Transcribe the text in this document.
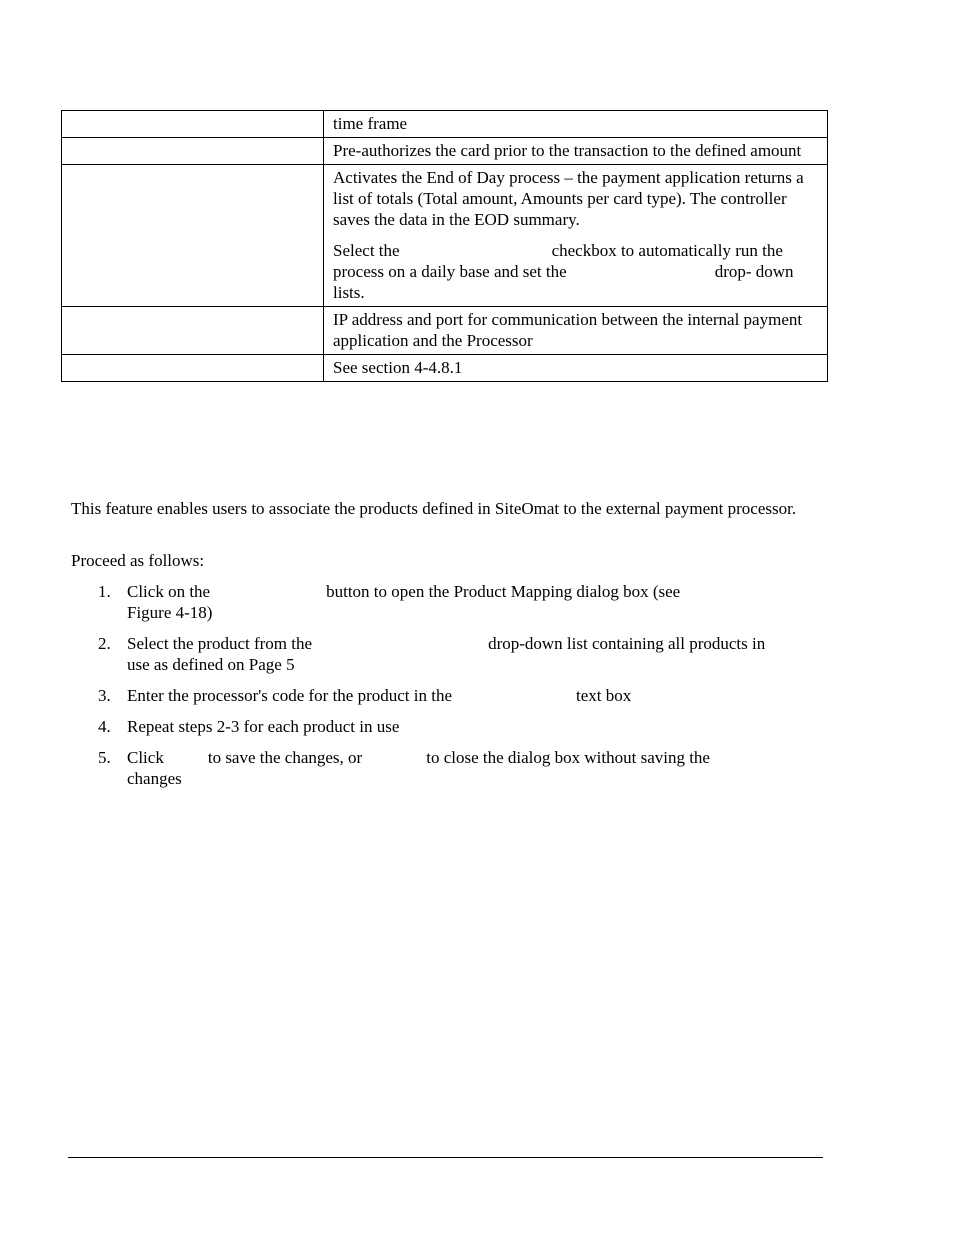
	time frame

	Pre-authorizes the card prior to the transaction to the defined amount

	Activates the End of Day process – the payment application returns a list of totals (Total amount, Amounts per card type). The controller saves the data in the EOD summary.

Select the checkbox to automatically run the process on a daily base and set the drop- down lists.

	IP address and port for communication between the internal payment application and the Processor

	See section 4-4.8.1

This feature enables users to associate the products defined in SiteOmat to the external payment processor.

Proceed as follows:

1. Click on the	button to open the Product Mapping dialog box (see
Figure 4-18)
2. Select the product from the	drop-down list containing all products in
use as defined on Page 5
3. Enter the processor's code for the product in the	text box
4. Repeat steps 2-3 for each product in use
5. Click	to save the changes, or	to close the dialog box without saving the
changes
